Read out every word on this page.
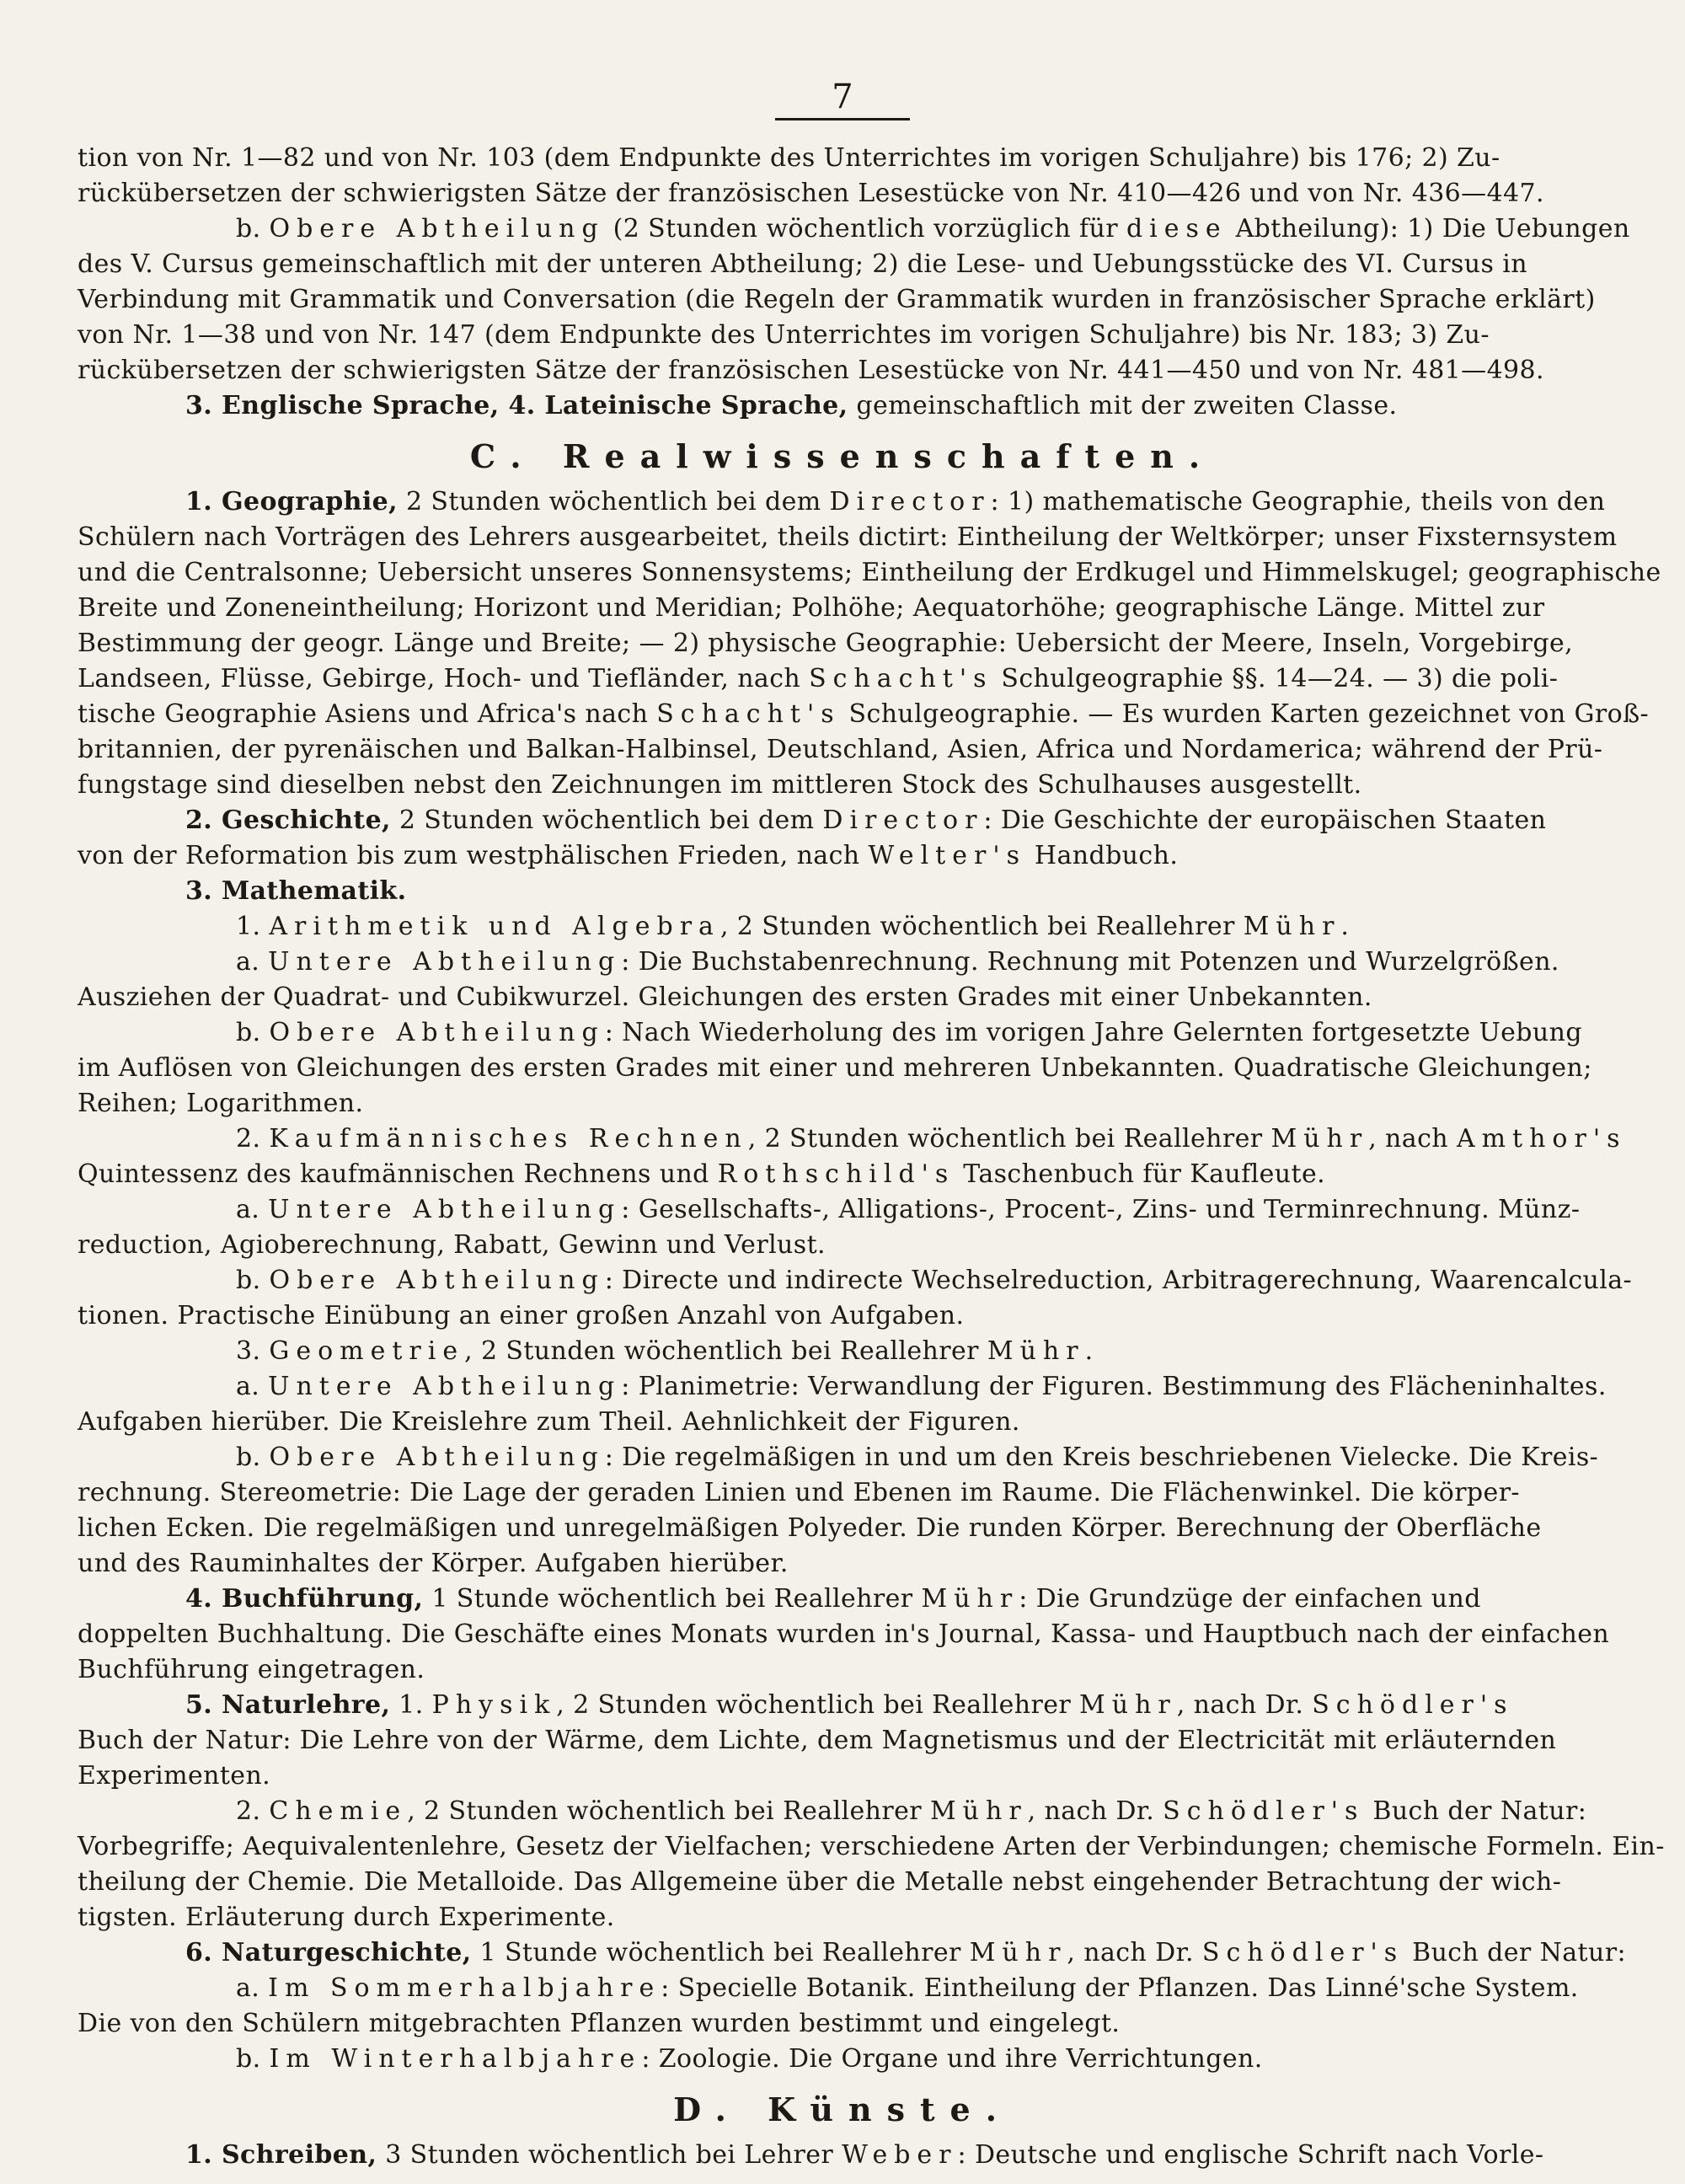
7
tion von Nr. 1—82 und von Nr. 103 (dem Endpunkte des Unterrichtes im vorigen Schuljahre) bis 176; 2) Zu-
rückübersetzen der schwierigsten Sätze der französischen Lesestücke von Nr. 410—426 und von Nr. 436—447.
b. Obere Abtheilung (2 Stunden wöchentlich vorzüglich für diese Abtheilung): 1) Die Uebungen
des V. Cursus gemeinschaftlich mit der unteren Abtheilung; 2) die Lese- und Uebungsstücke des VI. Cursus in
Verbindung mit Grammatik und Conversation (die Regeln der Grammatik wurden in französischer Sprache erklärt)
von Nr. 1—38 und von Nr. 147 (dem Endpunkte des Unterrichtes im vorigen Schuljahre) bis Nr. 183; 3) Zu-
rückübersetzen der schwierigsten Sätze der französischen Lesestücke von Nr. 441—450 und von Nr. 481—498.
3. Englische Sprache, 4. Lateinische Sprache, gemeinschaftlich mit der zweiten Classe.
C. Realwissenschaften.
1. Geographie, 2 Stunden wöchentlich bei dem Director: 1) mathematische Geographie, theils von den
Schülern nach Vorträgen des Lehrers ausgearbeitet, theils dictirt: Eintheilung der Weltkörper; unser Fixsternsystem
und die Centralsonne; Uebersicht unseres Sonnensystems; Eintheilung der Erdkugel und Himmelskugel; geographische
Breite und Zoneneintheilung; Horizont und Meridian; Polhöhe; Aequatorhöhe; geographische Länge. Mittel zur
Bestimmung der geogr. Länge und Breite; — 2) physische Geographie: Uebersicht der Meere, Inseln, Vorgebirge,
Landseen, Flüsse, Gebirge, Hoch- und Tiefländer, nach Schacht's Schulgeographie §§. 14—24. — 3) die poli-
tische Geographie Asiens und Africa's nach Schacht's Schulgeographie. — Es wurden Karten gezeichnet von Groß-
britannien, der pyrenäischen und Balkan-Halbinsel, Deutschland, Asien, Africa und Nordamerica; während der Prü-
fungstage sind dieselben nebst den Zeichnungen im mittleren Stock des Schulhauses ausgestellt.
2. Geschichte, 2 Stunden wöchentlich bei dem Director: Die Geschichte der europäischen Staaten
von der Reformation bis zum westphälischen Frieden, nach Welter's Handbuch.
3. Mathematik.
1. Arithmetik und Algebra, 2 Stunden wöchentlich bei Reallehrer Mühr.
a. Untere Abtheilung: Die Buchstabenrechnung. Rechnung mit Potenzen und Wurzelgrößen.
Ausziehen der Quadrat- und Cubikwurzel. Gleichungen des ersten Grades mit einer Unbekannten.
b. Obere Abtheilung: Nach Wiederholung des im vorigen Jahre Gelernten fortgesetzte Uebung
im Auflösen von Gleichungen des ersten Grades mit einer und mehreren Unbekannten. Quadratische Gleichungen;
Reihen; Logarithmen.
2. Kaufmännisches Rechnen, 2 Stunden wöchentlich bei Reallehrer Mühr, nach Amthor's
Quintessenz des kaufmännischen Rechnens und Rothschild's Taschenbuch für Kaufleute.
a. Untere Abtheilung: Gesellschafts-, Alligations-, Procent-, Zins- und Terminrechnung. Münz-
reduction, Agioberechnung, Rabatt, Gewinn und Verlust.
b. Obere Abtheilung: Directe und indirecte Wechselreduction, Arbitragerechnung, Waarencalcula-
tionen. Practische Einübung an einer großen Anzahl von Aufgaben.
3. Geometrie, 2 Stunden wöchentlich bei Reallehrer Mühr.
a. Untere Abtheilung: Planimetrie: Verwandlung der Figuren. Bestimmung des Flächeninhaltes.
Aufgaben hierüber. Die Kreislehre zum Theil. Aehnlichkeit der Figuren.
b. Obere Abtheilung: Die regelmäßigen in und um den Kreis beschriebenen Vielecke. Die Kreis-
rechnung. Stereometrie: Die Lage der geraden Linien und Ebenen im Raume. Die Flächenwinkel. Die körper-
lichen Ecken. Die regelmäßigen und unregelmäßigen Polyeder. Die runden Körper. Berechnung der Oberfläche
und des Rauminhaltes der Körper. Aufgaben hierüber.
4. Buchführung, 1 Stunde wöchentlich bei Reallehrer Mühr: Die Grundzüge der einfachen und
doppelten Buchhaltung. Die Geschäfte eines Monats wurden in's Journal, Kassa- und Hauptbuch nach der einfachen
Buchführung eingetragen.
5. Naturlehre, 1. Physik, 2 Stunden wöchentlich bei Reallehrer Mühr, nach Dr. Schödler's
Buch der Natur: Die Lehre von der Wärme, dem Lichte, dem Magnetismus und der Electricität mit erläuternden
Experimenten.
2. Chemie, 2 Stunden wöchentlich bei Reallehrer Mühr, nach Dr. Schödler's Buch der Natur:
Vorbegriffe; Aequivalentenlehre, Gesetz der Vielfachen; verschiedene Arten der Verbindungen; chemische Formeln. Ein-
theilung der Chemie. Die Metalloide. Das Allgemeine über die Metalle nebst eingehender Betrachtung der wich-
tigsten. Erläuterung durch Experimente.
6. Naturgeschichte, 1 Stunde wöchentlich bei Reallehrer Mühr, nach Dr. Schödler's Buch der Natur:
a. Im Sommerhalbjahre: Specielle Botanik. Eintheilung der Pflanzen. Das Linné'sche System.
Die von den Schülern mitgebrachten Pflanzen wurden bestimmt und eingelegt.
b. Im Winterhalbjahre: Zoologie. Die Organe und ihre Verrichtungen.
D. Künste.
1. Schreiben, 3 Stunden wöchentlich bei Lehrer Weber: Deutsche und englische Schrift nach Vorle-
